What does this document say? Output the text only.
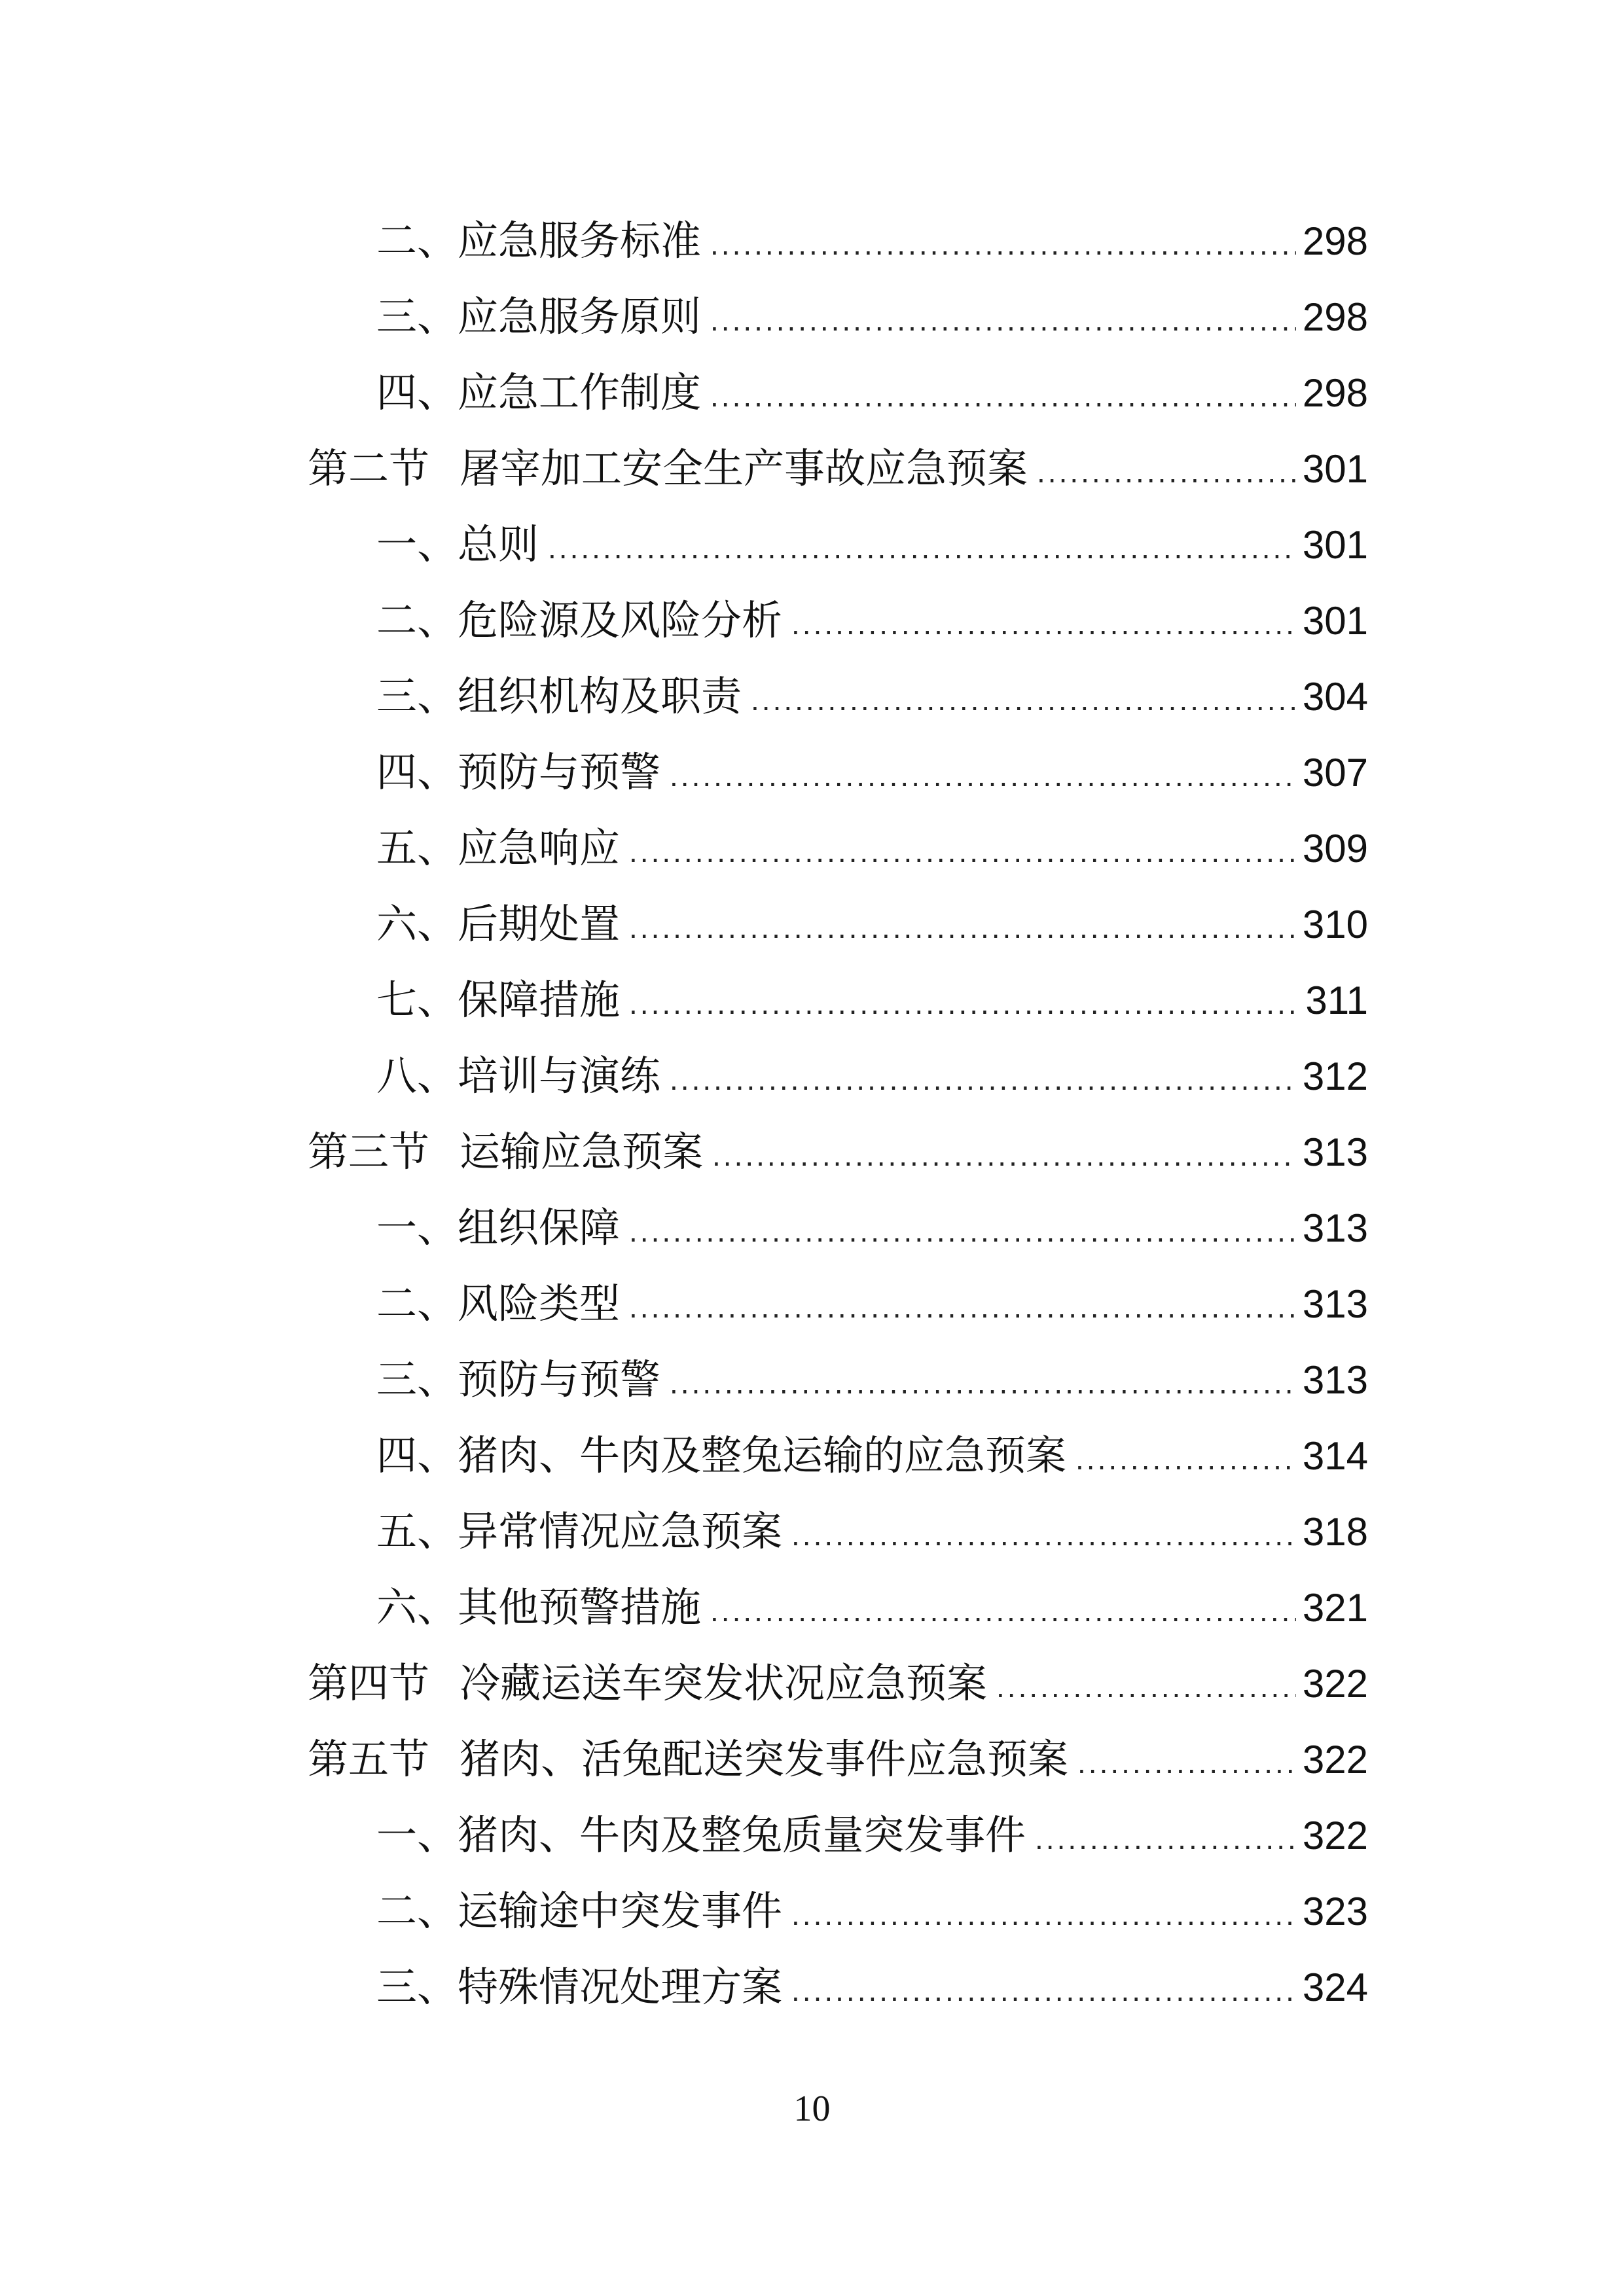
二、 应急服务标准 .....	298
三、 应急服务原则 .....	298
四、 应急工作制度 .....	298
第二节 屠宰加工安全生产事故应急预案 .....	301
一、 总则 .....	301
二、 危险源及风险分析 .....	301
三、 组织机构及职责 .....	304
四、 预防与预警 .....	307
五、 应急响应 .....	309
六、 后期处置 .....	310
七、 保障措施 .....	311
八、 培训与演练 .....	312
第三节 运输应急预案 .....	313
一、 组织保障 .....	313
二、 风险类型 .....	313
三、 预防与预警 .....	313
四、 猪肉、牛肉及整兔运输的应急预案 .....	314
五、 异常情况应急预案 .....	318
六、 其他预警措施 .....	321
第四节 冷藏运送车突发状况应急预案 .....	322
第五节 猪肉、活兔配送突发事件应急预案 .....	322
一、 猪肉、牛肉及整兔质量突发事件 .....	322
二、 运输途中突发事件 .....	323
三、 特殊情况处理方案 .....	324
10
